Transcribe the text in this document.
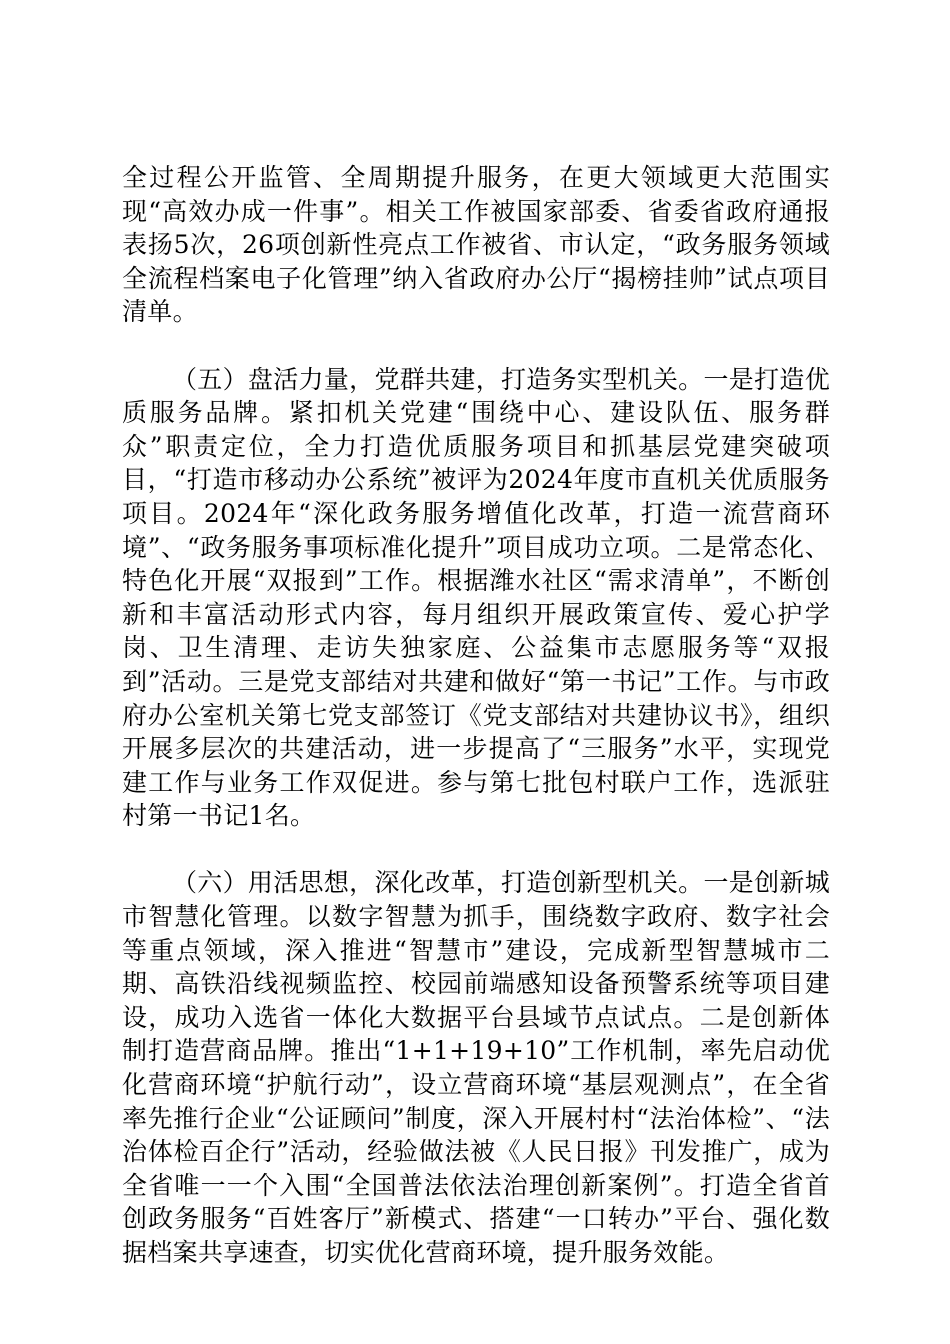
全过程公开监管、全周期提升服务，在更大领域更大范围实现“高效办成一件事”。相关工作被国家部委、省委省政府通报表扬5次，26项创新性亮点工作被省、市认定，“政务服务领域全流程档案电子化管理”纳入省政府办公厅“揭榜挂帅”试点项目清单。

（五）盘活力量，党群共建，打造务实型机关。一是打造优质服务品牌。紧扣机关党建“围绕中心、建设队伍、服务群众”职责定位，全力打造优质服务项目和抓基层党建突破项目，“打造市移动办公系统”被评为2024年度市直机关优质服务项目。2024年“深化政务服务增值化改革，打造一流营商环境”、“政务服务事项标准化提升”项目成功立项。二是常态化、特色化开展“双报到”工作。根据潍水社区“需求清单”，不断创新和丰富活动形式内容，每月组织开展政策宣传、爱心护学岗、卫生清理、走访失独家庭、公益集市志愿服务等“双报到”活动。三是党支部结对共建和做好“第一书记”工作。与市政府办公室机关第七党支部签订《党支部结对共建协议书》，组织开展多层次的共建活动，进一步提高了“三服务”水平，实现党建工作与业务工作双促进。参与第七批包村联户工作，选派驻村第一书记1名。

（六）用活思想，深化改革，打造创新型机关。一是创新城市智慧化管理。以数字智慧为抓手，围绕数字政府、数字社会等重点领域，深入推进“智慧市”建设，完成新型智慧城市二期、高铁沿线视频监控、校园前端感知设备预警系统等项目建设，成功入选省一体化大数据平台县域节点试点。二是创新体制打造营商品牌。推出“1+1+19+10”工作机制，率先启动优化营商环境“护航行动”，设立营商环境“基层观测点”，在全省率先推行企业“公证顾问”制度，深入开展村村“法治体检”、“法治体检百企行”活动，经验做法被《人民日报》刊发推广，成为全省唯一一个入围“全国普法依法治理创新案例”。打造全省首创政务服务“百姓客厅”新模式、搭建“一口转办”平台、强化数据档案共享速查，切实优化营商环境，提升服务效能。
